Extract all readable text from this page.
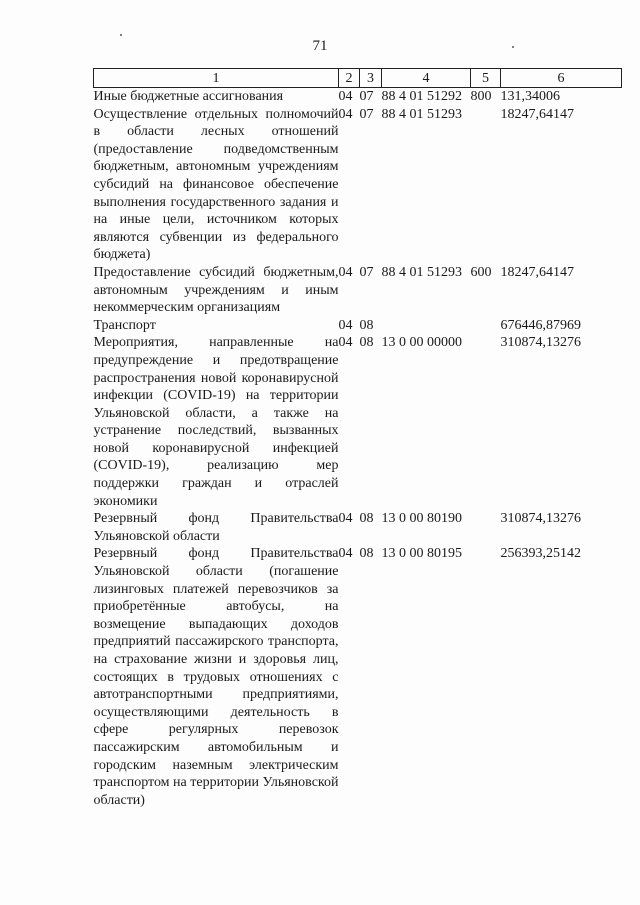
71
1	2	3	4	5	6
Иные бюджетные ассигнования	04	07	88 4 01 51292	800	131,34006
Осуществление отдельных полномочий в области лесных отношений (предоставление подведомственным бюджетным, автономным учреждениям субсидий на финансовое обеспечение выполнения государственного задания и на иные цели, источником которых являются субвенции из федерального бюджета)	04	07	88 4 01 51293		18247,64147
Предоставление субсидий бюджетным, автономным учреждениям и иным некоммерческим организациям	04	07	88 4 01 51293	600	18247,64147
Транспорт	04	08			676446,87969
Мероприятия, направленные на предупреждение и предотвращение распространения новой коронавирусной инфекции (COVID-19) на территории Ульяновской области, а также на устранение последствий, вызванных новой коронавирусной инфекцией (COVID-19), реализацию мер поддержки граждан и отраслей экономики	04	08	13 0 00 00000		310874,13276
Резервный фонд Правительства Ульяновской области	04	08	13 0 00 80190		310874,13276
Резервный фонд Правительства Ульяновской области (погашение лизинговых платежей перевозчиков за приобретённые автобусы, на возмещение выпадающих доходов предприятий пассажирского транспорта, на страхование жизни и здоровья лиц, состоящих в трудовых отношениях с автотранспортными предприятиями, осуществляющими деятельность в сфере регулярных перевозок пассажирским автомобильным и городским наземным электрическим транспортом на территории Ульяновской области)	04	08	13 0 00 80195		256393,25142
